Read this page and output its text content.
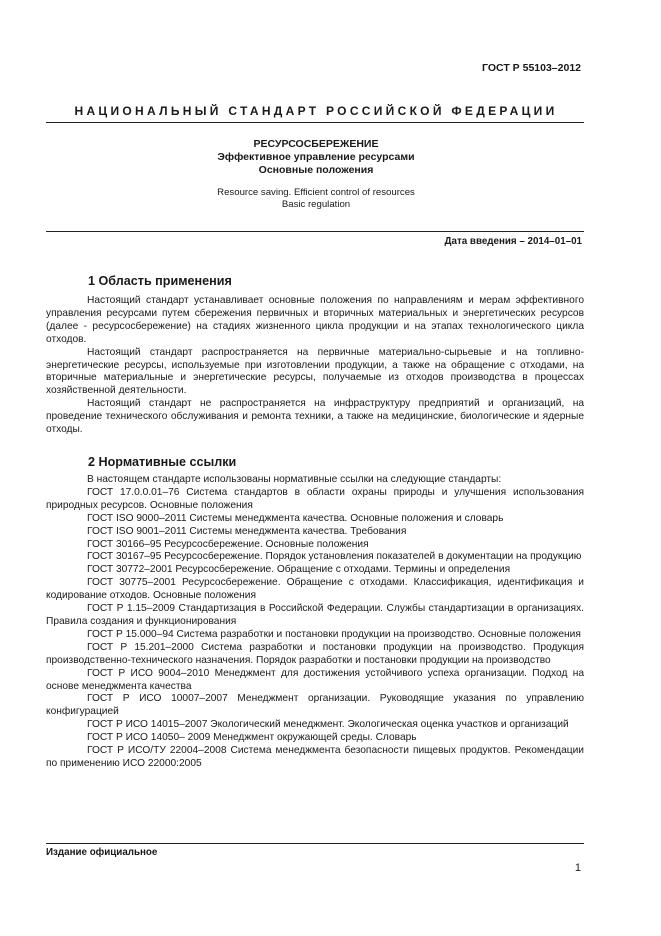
ГОСТ Р 55103–2012
НАЦИОНАЛЬНЫЙ СТАНДАРТ РОССИЙСКОЙ ФЕДЕРАЦИИ
РЕСУРСОСБЕРЕЖЕНИЕ
Эффективное управление ресурсами
Основные положения
Resource saving. Efficient control of resources
Basic regulation
Дата введения – 2014–01–01
1 Область применения

Настоящий стандарт устанавливает основные положения по направлениям и мерам эффективного управления ресурсами путем сбережения первичных и вторичных материальных и энергетических ресурсов (далее - ресурсосбережение) на стадиях жизненного цикла продукции и на этапах технологического цикла отходов.

Настоящий стандарт распространяется на первичные материально-сырьевые и на топливно-энергетические ресурсы, используемые при изготовлении продукции, а также на обращение с отходами, на вторичные материальные и энергетические ресурсы, получаемые из отходов производства в процессах хозяйственной деятельности.

Настоящий стандарт не распространяется на инфраструктуру предприятий и организаций, на проведение технического обслуживания и ремонта техники, а также на медицинские, биологические и ядерные отходы.

2 Нормативные ссылки

В настоящем стандарте использованы нормативные ссылки на следующие стандарты:

ГОСТ 17.0.0.01–76 Система стандартов в области охраны природы и улучшения использования природных ресурсов. Основные положения

ГОСТ ISO 9000–2011 Системы менеджмента качества. Основные положения и словарь

ГОСТ ISO 9001–2011 Системы менеджмента качества. Требования

ГОСТ 30166–95 Ресурсосбережение. Основные положения

ГОСТ 30167–95 Ресурсосбережение. Порядок установления показателей в документации на продукцию

ГОСТ 30772–2001 Ресурсосбережение. Обращение с отходами. Термины и определения

ГОСТ 30775–2001 Ресурсосбережение. Обращение с отходами. Классификация, идентификация и кодирование отходов. Основные положения

ГОСТ Р 1.15–2009 Стандартизация в Российской Федерации. Службы стандартизации в организациях. Правила создания и функционирования

ГОСТ Р 15.000–94 Система разработки и постановки продукции на производство. Основные положения

ГОСТ Р 15.201–2000 Система разработки и постановки продукции на производство. Продукция производственно-технического назначения. Порядок разработки и постановки продукции на производство

ГОСТ Р ИСО 9004–2010 Менеджмент для достижения устойчивого успеха организации. Подход на основе менеджмента качества

ГОСТ Р ИСО 10007–2007 Менеджмент организации. Руководящие указания по управлению конфигурацией

ГОСТ Р ИСО 14015–2007 Экологический менеджмент. Экологическая оценка участков и организаций

ГОСТ Р ИСО 14050– 2009 Менеджмент окружающей среды. Словарь

ГОСТ Р ИСО/ТУ 22004–2008 Система менеджмента безопасности пищевых продуктов. Рекомендации по применению ИСО 22000:2005

Издание официальное
1
